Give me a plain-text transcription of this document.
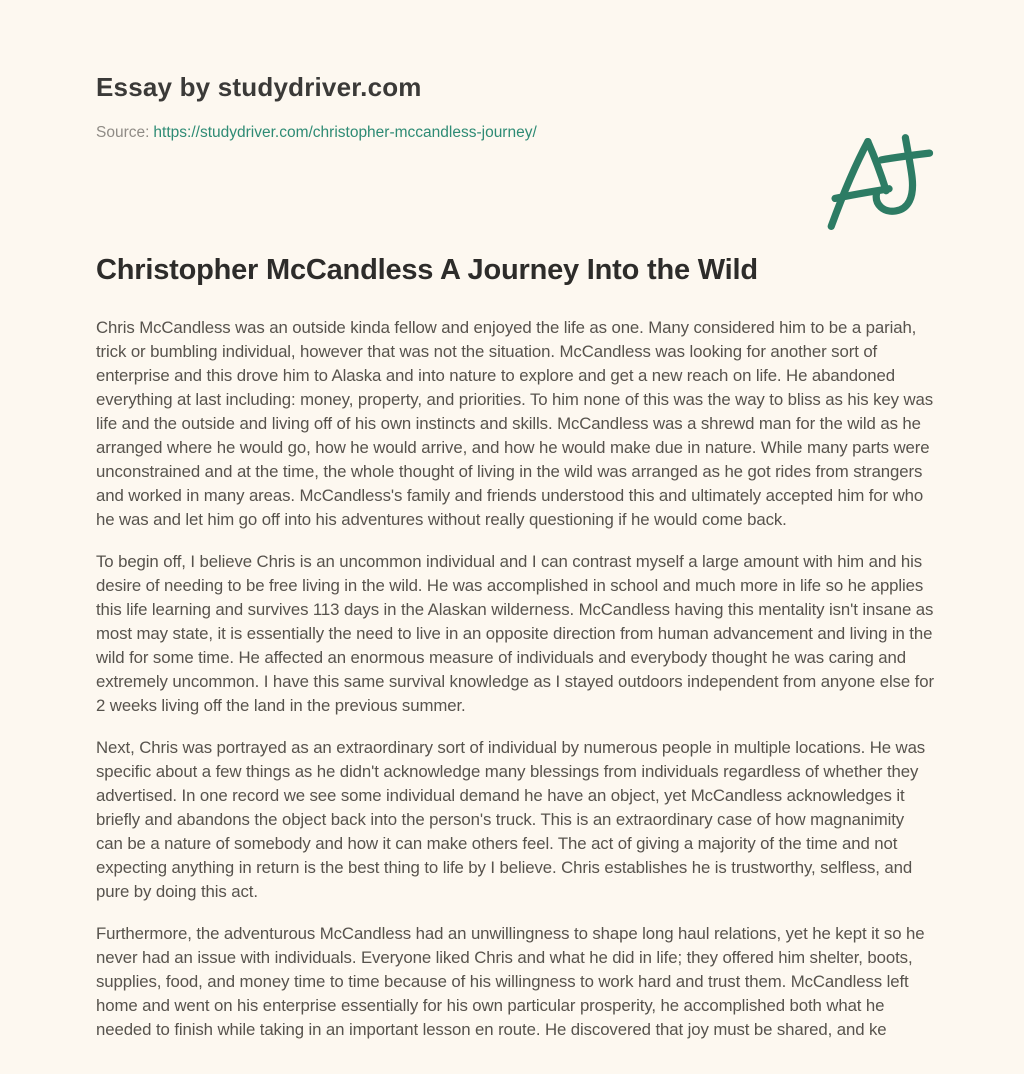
Essay by studydriver.com

Source: https://studydriver.com/christopher-mccandless-journey/

Christopher McCandless A Journey Into the Wild

Chris McCandless was an outside kinda fellow and enjoyed the life as one. Many considered him to be a pariah, trick or bumbling individual, however that was not the situation. McCandless was looking for another sort of enterprise and this drove him to Alaska and into nature to explore and get a new reach on life. He abandoned everything at last including: money, property, and priorities. To him none of this was the way to bliss as his key was life and the outside and living off of his own instincts and skills. McCandless was a shrewd man for the wild as he arranged where he would go, how he would arrive, and how he would make due in nature. While many parts were unconstrained and at the time, the whole thought of living in the wild was arranged as he got rides from strangers and worked in many areas. McCandless's family and friends understood this and ultimately accepted him for who he was and let him go off into his adventures without really questioning if he would come back.

To begin off, I believe Chris is an uncommon individual and I can contrast myself a large amount with him and his desire of needing to be free living in the wild. He was accomplished in school and much more in life so he applies this life learning and survives 113 days in the Alaskan wilderness. McCandless having this mentality isn't insane as most may state, it is essentially the need to live in an opposite direction from human advancement and living in the wild for some time. He affected an enormous measure of individuals and everybody thought he was caring and extremely uncommon. I have this same survival knowledge as I stayed outdoors independent from anyone else for 2 weeks living off the land in the previous summer.

Next, Chris was portrayed as an extraordinary sort of individual by numerous people in multiple locations. He was specific about a few things as he didn't acknowledge many blessings from individuals regardless of whether they advertised. In one record we see some individual demand he have an object, yet McCandless acknowledges it briefly and abandons the object back into the person's truck. This is an extraordinary case of how magnanimity can be a nature of somebody and how it can make others feel. The act of giving a majority of the time and not expecting anything in return is the best thing to life by I believe. Chris establishes he is trustworthy, selfless, and pure by doing this act.

Furthermore, the adventurous McCandless had an unwillingness to shape long haul relations, yet he kept it so he never had an issue with individuals. Everyone liked Chris and what he did in life; they offered him shelter, boots, supplies, food, and money time to time because of his willingness to work hard and trust them. McCandless left home and went on his enterprise essentially for his own particular prosperity, he accomplished both what he needed to finish while taking in an important lesson en route. He discovered that joy must be shared, and ke
